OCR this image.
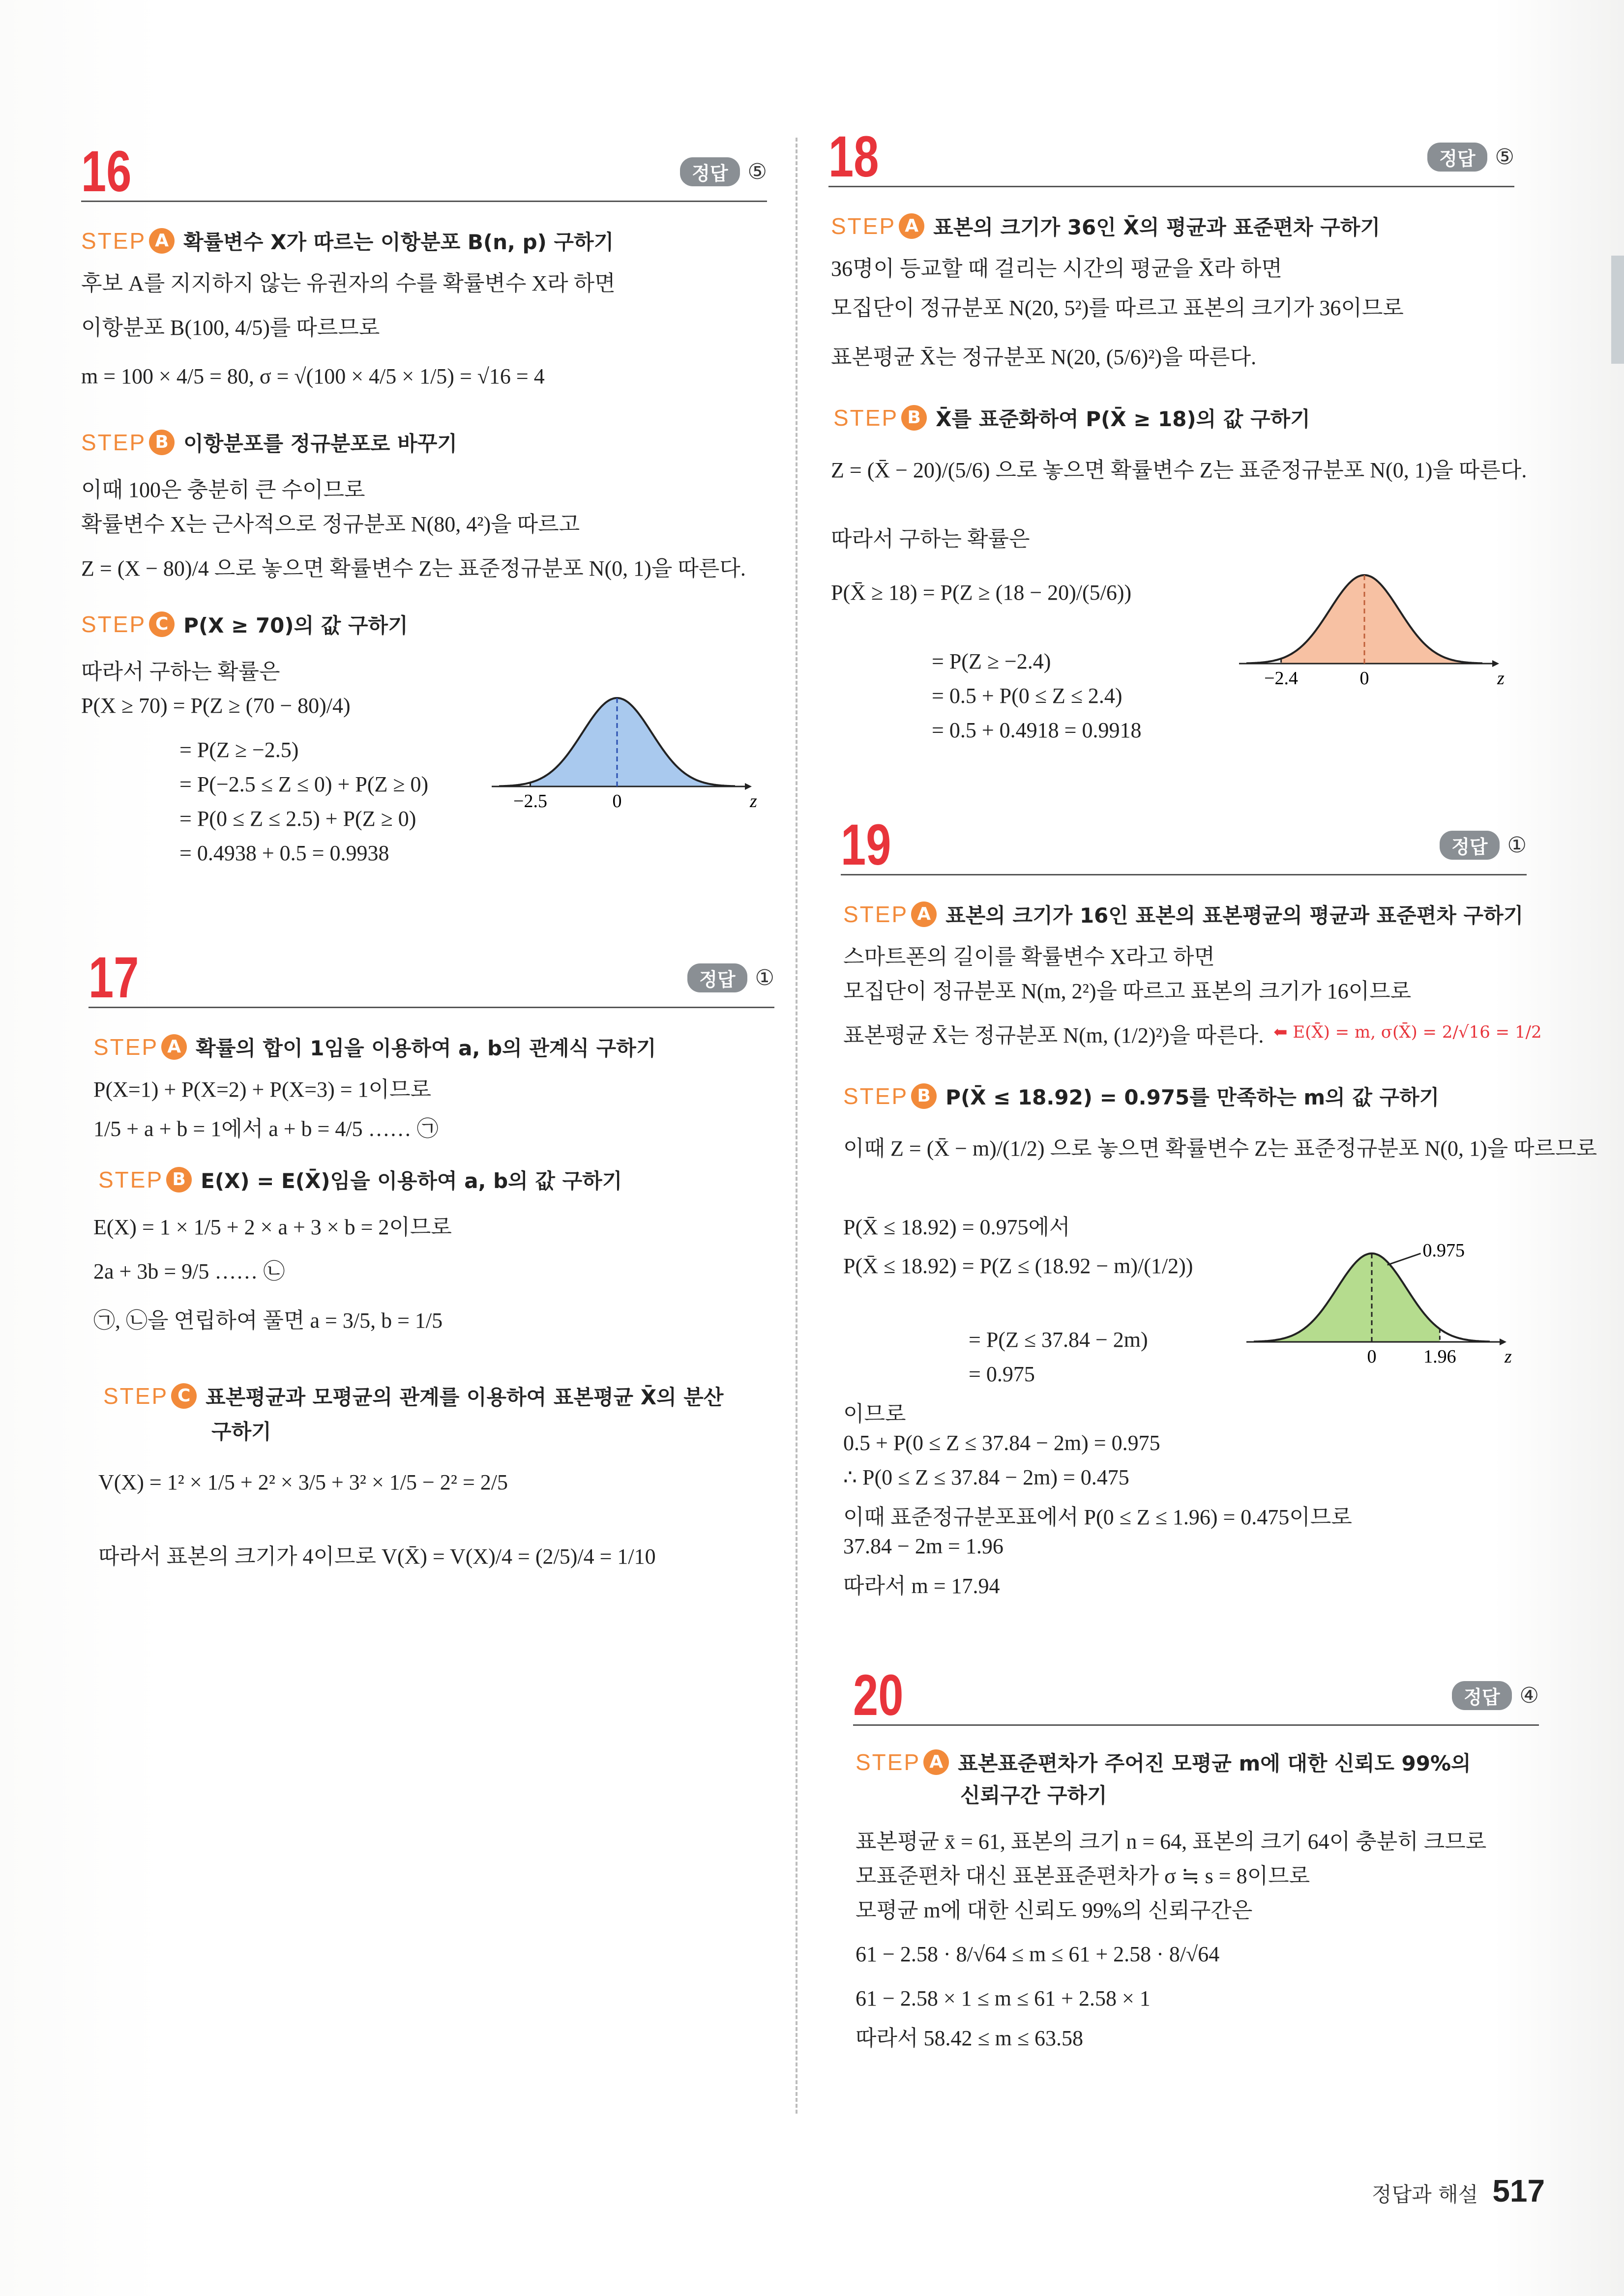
16	정답 ⑤
STEP A 확률변수 X가 따르는 이항분포 B(n, p) 구하기
후보 A를 지지하지 않는 유권자의 수를 확률변수 X라 하면
이항분포 B(100, 4/5)를 따르므로
m = 100 × 4/5 = 80, σ = √(100 × 4/5 × 1/5) = √16 = 4
STEP B 이항분포를 정규분포로 바꾸기
이때 100은 충분히 큰 수이므로
확률변수 X는 근사적으로 정규분포 N(80, 4²)을 따르고
Z = (X − 80)/4 으로 놓으면 확률변수 Z는 표준정규분포 N(0, 1)을 따른다.
STEP C P(X ≥ 70)의 값 구하기
따라서 구하는 확률은
P(X ≥ 70) = P(Z ≥ (70 − 80)/4)
= P(Z ≥ −2.5)
= P(−2.5 ≤ Z ≤ 0) + P(Z ≥ 0)
= P(0 ≤ Z ≤ 2.5) + P(Z ≥ 0)
= 0.4938 + 0.5 = 0.9938
−2.5	0	z
17	정답 ①
STEP A 확률의 합이 1임을 이용하여 a, b의 관계식 구하기
P(X=1) + P(X=2) + P(X=3) = 1이므로
1/5 + a + b = 1에서 a + b = 4/5 …… ㉠
STEP B E(X) = E(X̄)임을 이용하여 a, b의 값 구하기
E(X) = 1 × 1/5 + 2 × a + 3 × b = 2이므로
2a + 3b = 9/5 …… ㉡
㉠, ㉡을 연립하여 풀면 a = 3/5, b = 1/5
STEP C 표본평균과 모평균의 관계를 이용하여 표본평균 X̄의 분산
구하기
V(X) = 1² × 1/5 + 2² × 3/5 + 3² × 1/5 − 2² = 2/5
따라서 표본의 크기가 4이므로 V(X̄) = V(X)/4 = (2/5)/4 = 1/10
18	정답 ⑤
STEP A 표본의 크기가 36인 X̄의 평균과 표준편차 구하기
36명이 등교할 때 걸리는 시간의 평균을 X̄라 하면
모집단이 정규분포 N(20, 5²)를 따르고 표본의 크기가 36이므로
표본평균 X̄는 정규분포 N(20, (5/6)²)을 따른다.
STEP B X̄를 표준화하여 P(X̄ ≥ 18)의 값 구하기
Z = (X̄ − 20)/(5/6) 으로 놓으면 확률변수 Z는 표준정규분포 N(0, 1)을 따른다.
따라서 구하는 확률은
P(X̄ ≥ 18) = P(Z ≥ (18 − 20)/(5/6))
= P(Z ≥ −2.4)
= 0.5 + P(0 ≤ Z ≤ 2.4)
= 0.5 + 0.4918 = 0.9918
−2.4	0	z
19	정답 ①
STEP A 표본의 크기가 16인 표본의 표본평균의 평균과 표준편차 구하기
스마트폰의 길이를 확률변수 X라고 하면
모집단이 정규분포 N(m, 2²)을 따르고 표본의 크기가 16이므로
표본평균 X̄는 정규분포 N(m, (1/2)²)을 따른다. ⬅ E(X̄) = m, σ(X̄) = 2/√16 = 1/2
STEP B P(X̄ ≤ 18.92) = 0.975를 만족하는 m의 값 구하기
이때 Z = (X̄ − m)/(1/2) 으로 놓으면 확률변수 Z는 표준정규분포 N(0, 1)을 따르므로
P(X̄ ≤ 18.92) = 0.975에서
P(X̄ ≤ 18.92) = P(Z ≤ (18.92 − m)/(1/2))
= P(Z ≤ 37.84 − 2m)
= 0.975
이므로
0.5 + P(0 ≤ Z ≤ 37.84 − 2m) = 0.975
∴ P(0 ≤ Z ≤ 37.84 − 2m) = 0.475
이때 표준정규분포표에서 P(0 ≤ Z ≤ 1.96) = 0.475이므로
37.84 − 2m = 1.96
따라서 m = 17.94
0.975
0	1.96	z
20	정답 ④
STEP A 표본표준편차가 주어진 모평균 m에 대한 신뢰도 99%의
신뢰구간 구하기
표본평균 x̄ = 61, 표본의 크기 n = 64, 표본의 크기 64이 충분히 크므로
모표준편차 대신 표본표준편차가 σ ≒ s = 8이므로
모평균 m에 대한 신뢰도 99%의 신뢰구간은
61 − 2.58 · 8/√64 ≤ m ≤ 61 + 2.58 · 8/√64
61 − 2.58 × 1 ≤ m ≤ 61 + 2.58 × 1
따라서 58.42 ≤ m ≤ 63.58
정답과 해설 517
